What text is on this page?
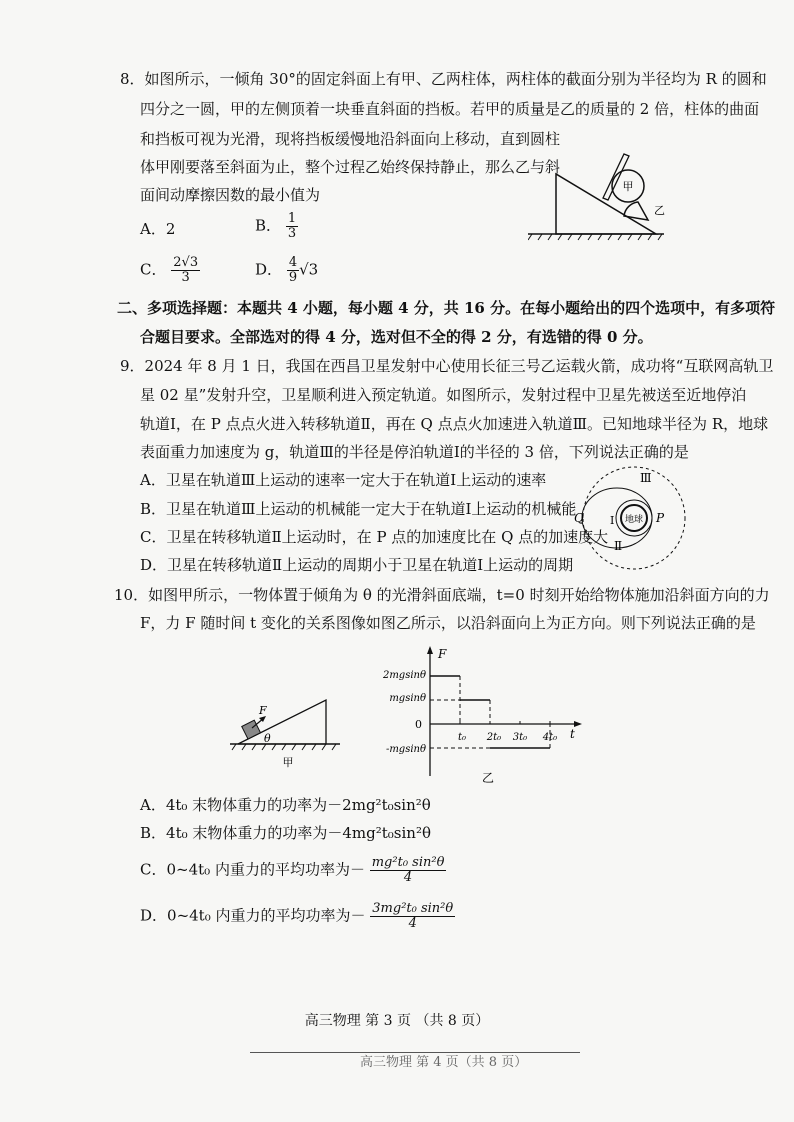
8．如图所示，一倾角 30°的固定斜面上有甲、乙两柱体，两柱体的截面分别为半径均为 R 的圆和
四分之一圆，甲的左侧顶着一块垂直斜面的挡板。若甲的质量是乙的质量的 2 倍，柱体的曲面
和挡板可视为光滑，现将挡板缓慢地沿斜面向上移动，直到圆柱
体甲刚要落至斜面为止，整个过程乙始终保持静止，那么乙与斜
面间动摩擦因数的最小值为
A．2	B． $\frac{1}{3}$
C． $\frac{2√3}{3}$	D． $\frac{4}{9} √3$
甲
乙
二、多项选择题：本题共 4 小题，每小题 4 分，共 16 分。在每小题给出的四个选项中，有多项符
合题目要求。全部选对的得 4 分，选对但不全的得 2 分，有选错的得 0 分。
9．2024 年 8 月 1 日，我国在西昌卫星发射中心使用长征三号乙运载火箭，成功将“互联网高轨卫
星 02 星”发射升空，卫星顺利进入预定轨道。如图所示，发射过程中卫星先被送至近地停泊
轨道Ⅰ，在 P 点点火进入转移轨道Ⅱ，再在 Q 点点火加速进入轨道Ⅲ。已知地球半径为 R，地球
表面重力加速度为 g，轨道Ⅲ的半径是停泊轨道Ⅰ的半径的 3 倍，下列说法正确的是
A．卫星在轨道Ⅲ上运动的速率一定大于在轨道Ⅰ上运动的速率
B．卫星在轨道Ⅲ上运动的机械能一定大于在轨道Ⅰ上运动的机械能
C．卫星在转移轨道Ⅱ上运动时，在 P 点的加速度比在 Q 点的加速度大
D．卫星在转移轨道Ⅱ上运动的周期小于卫星在轨道Ⅰ上运动的周期
地球
Ⅲ
Ⅰ
Ⅱ
Q	P
10．如图甲所示，一物体置于倾角为 θ 的光滑斜面底端，t=0 时刻开始给物体施加沿斜面方向的力
F，力 F 随时间 t 变化的关系图像如图乙所示，以沿斜面向上为正方向。则下列说法正确的是
F
θ
甲
F
t
2mgsinθ
mgsinθ
0
-mgsinθ
t₀ 2t₀ 3t₀ 4t₀
乙
A．4t₀ 末物体重力的功率为－2mg²t₀sin²θ
B．4t₀ 末物体重力的功率为－4mg²t₀sin²θ
C．0~4t₀ 内重力的平均功率为－ $\frac{\text{mg²t₀ sin²θ}}{4}$
D．0~4t₀ 内重力的平均功率为－ $\frac{\text{3mg²t₀ sin²θ}}{4}$
高三物理 第 3 页 （共 8 页）
高三物理 第 4 页（共 8 页）
